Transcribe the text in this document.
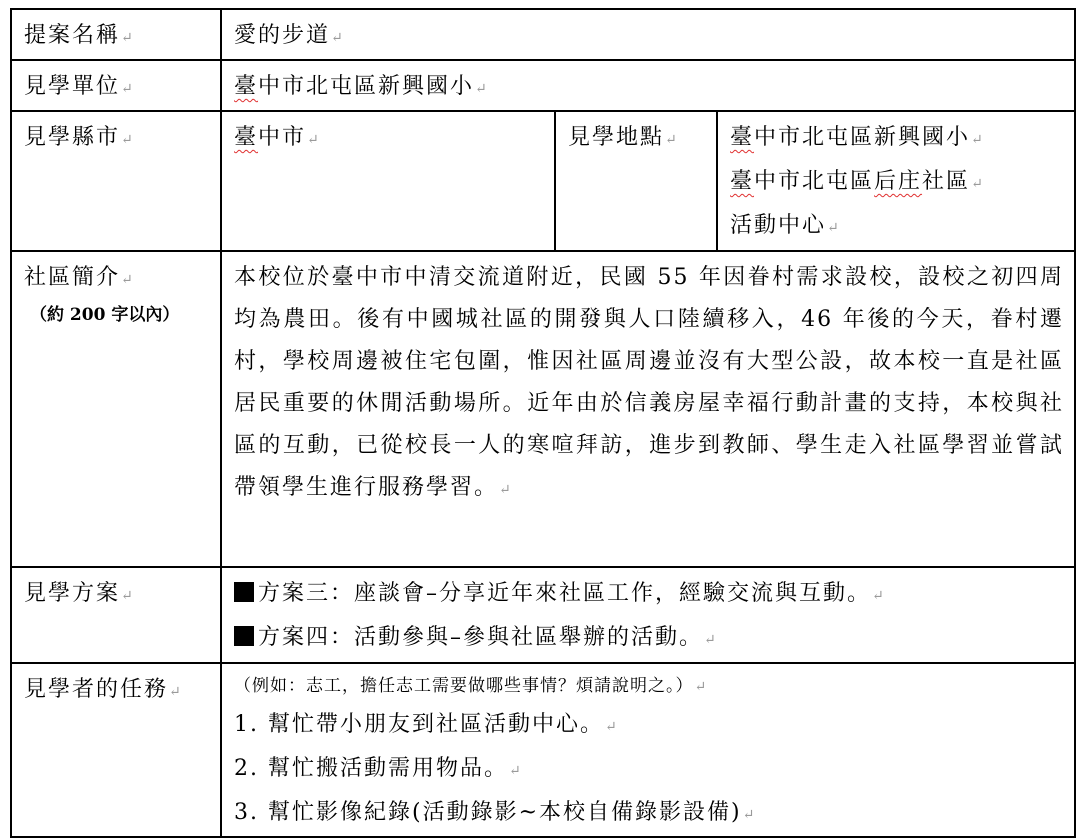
提案名稱↵	愛的步道↵		
見學單位↵	臺中市北屯區新興國小↵		
見學縣市↵	臺中市↵	見學地點↵	臺中市北屯區新興國小↵
臺中市北屯區后庄社區↵
活動中心↵

社區簡介↵
（約 200 字以內）	本校位於臺中市中清交流道附近，民國 55 年因眷村需求設校，設校之初四周均為農田。後有中國城社區的開發與人口陸續移入，46 年後的今天，眷村遷村，學校周邊被住宅包圍，惟因社區周邊並沒有大型公設，故本校一直是社區居民重要的休閒活動場所。近年由於信義房屋幸福行動計畫的支持，本校與社區的互動，已從校長一人的寒喧拜訪，進步到教師、學生走入社區學習並嘗試帶領學生進行服務學習。↵		
見學方案↵	方案三：座談會–分享近年來社區工作，經驗交流與互動。↵
方案四：活動參與–參與社區舉辦的活動。↵		

見學者的任務↵	（例如：志工，擔任志工需要做哪些事情？煩請說明之。）↵
1. 幫忙帶小朋友到社區活動中心。↵
2. 幫忙搬活動需用物品。↵
3. 幫忙影像紀錄(活動錄影~本校自備錄影設備)↵		
